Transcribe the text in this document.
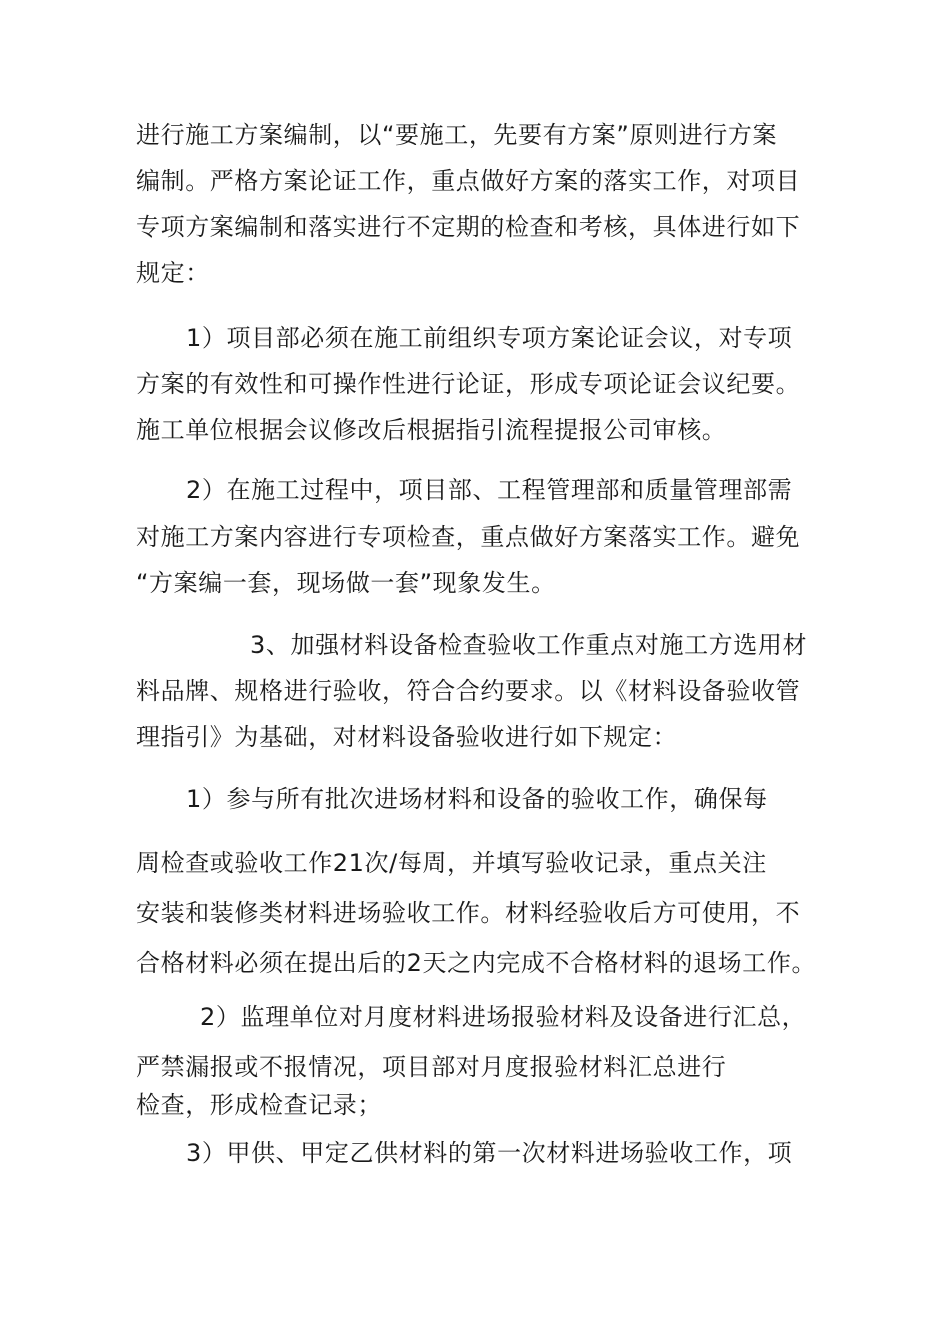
进行施工方案编制，以“要施工，先要有方案”原则进行方案
编制。严格方案论证工作，重点做好方案的落实工作，对项目
专项方案编制和落实进行不定期的检查和考核，具体进行如下
规定：
1）项目部必须在施工前组织专项方案论证会议，对专项
方案的有效性和可操作性进行论证，形成专项论证会议纪要。
施工单位根据会议修改后根据指引流程提报公司审核。
2）在施工过程中，项目部、工程管理部和质量管理部需
对施工方案内容进行专项检查，重点做好方案落实工作。避免
“方案编一套，现场做一套”现象发生。
3、加强材料设备检查验收工作重点对施工方选用材
料品牌、规格进行验收，符合合约要求。以《材料设备验收管
理指引》为基础，对材料设备验收进行如下规定：
1）参与所有批次进场材料和设备的验收工作，确保每
周检查或验收工作21次/每周，并填写验收记录，重点关注
安装和装修类材料进场验收工作。材料经验收后方可使用，不
合格材料必须在提出后的2天之内完成不合格材料的退场工作。
2）监理单位对月度材料进场报验材料及设备进行汇总，
严禁漏报或不报情况，项目部对月度报验材料汇总进行
检查，形成检查记录；
3）甲供、甲定乙供材料的第一次材料进场验收工作，项
